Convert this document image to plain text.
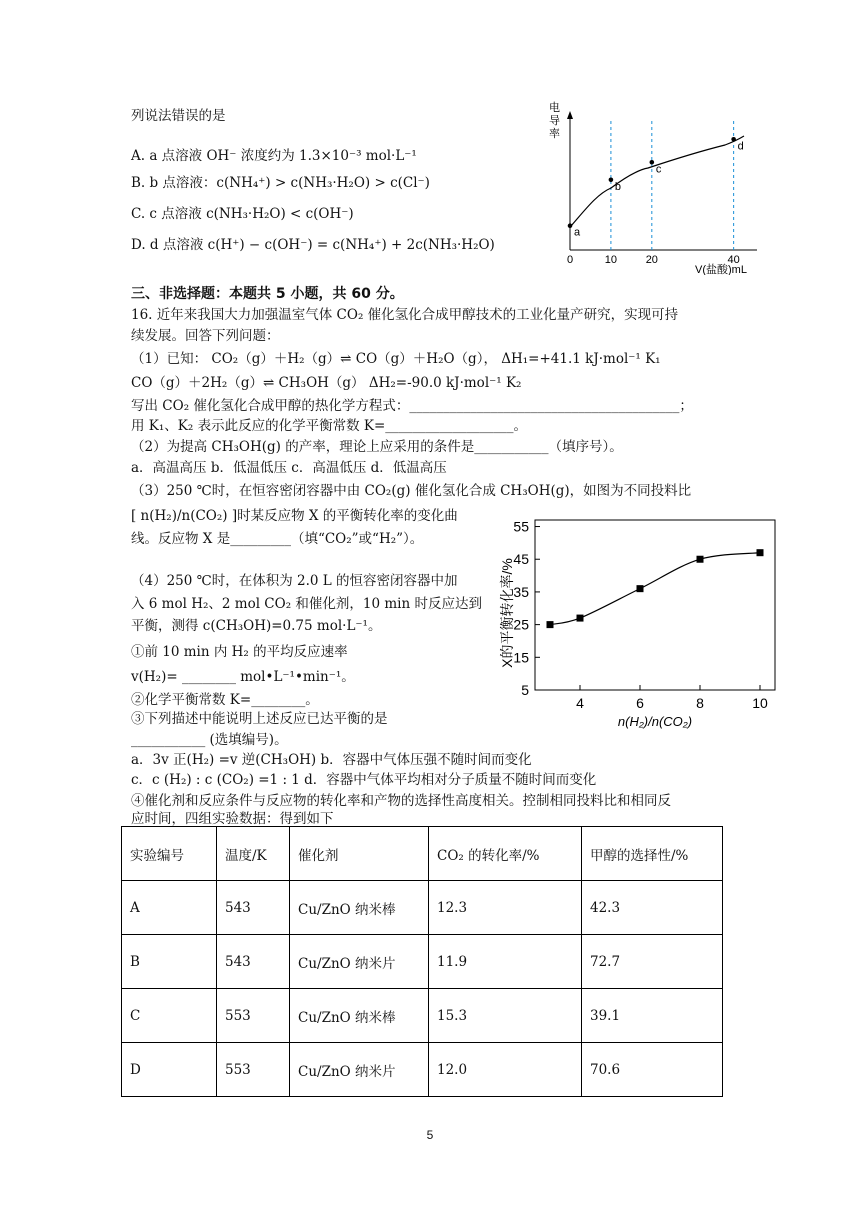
列说法错误的是
A. a 点溶液 OH⁻ 浓度约为 1.3×10⁻³ mol·L⁻¹
B. b 点溶液：c(NH₄⁺) > c(NH₃·H₂O) > c(Cl⁻)
C. c 点溶液 c(NH₃·H₂O) < c(OH⁻)
D. d 点溶液 c(H⁺) − c(OH⁻) = c(NH₄⁺) + 2c(NH₃·H₂O)
电
导
率
a
b
c
d
0	10	20	40
V(盐酸)mL
三、非选择题：本题共 5 小题，共 60 分。
16. 近年来我国大力加强温室气体 CO₂ 催化氢化合成甲醇技术的工业化量产研究，实现可持
续发展。回答下列问题：
（1）已知： CO₂（g）＋H₂（g）⇌ CO（g）＋H₂O（g）， ΔH₁=+41.1 kJ·mol⁻¹ K₁
CO（g）＋2H₂（g）⇌ CH₃OH（g） ΔH₂=-90.0 kJ·mol⁻¹ K₂
写出 CO₂ 催化氢化合成甲醇的热化学方程式：________________________________________；
用 K₁、K₂ 表示此反应的化学平衡常数 K=___________________。
（2）为提高 CH₃OH(g) 的产率，理论上应采用的条件是___________（填序号）。
a．高温高压 b．低温低压 c．高温低压 d．低温高压
（3）250 ℃时，在恒容密闭容器中由 CO₂(g) 催化氢化合成 CH₃OH(g)，如图为不同投料比
[ n(H₂)/n(CO₂) ]时某反应物 X 的平衡转化率的变化曲
线。反应物 X 是_________（填“CO₂”或“H₂”）。
（4）250 ℃时，在体积为 2.0 L 的恒容密闭容器中加
入 6 mol H₂、2 mol CO₂ 和催化剂，10 min 时反应达到
平衡，测得 c(CH₃OH)=0.75 mol·L⁻¹。
①前 10 min 内 H₂ 的平均反应速率
v(H₂)= ________ mol•L⁻¹•min⁻¹。
②化学平衡常数 K=________。
③下列描述中能说明上述反应已达平衡的是
___________ (选填编号)。
a．3v 正(H₂) =v 逆(CH₃OH) b．容器中气体压强不随时间而变化
c．c (H₂) : c (CO₂) =1 : 1 d．容器中气体平均相对分子质量不随时间而变化
④催化剂和反应条件与反应物的转化率和产物的选择性高度相关。控制相同投料比和相同反
应时间，四组实验数据：得到如下
X的平衡转化率/%
5
15
25
35
45
55
4	6	8	10
n(H₂)/n(CO₂)
实验编号	温度/K	催化剂	CO₂ 的转化率/%	甲醇的选择性/%
A	543	Cu/ZnO 纳米棒	12.3	42.3
B	543	Cu/ZnO 纳米片	11.9	72.7
C	553	Cu/ZnO 纳米棒	15.3	39.1
D	553	Cu/ZnO 纳米片	12.0	70.6
5
